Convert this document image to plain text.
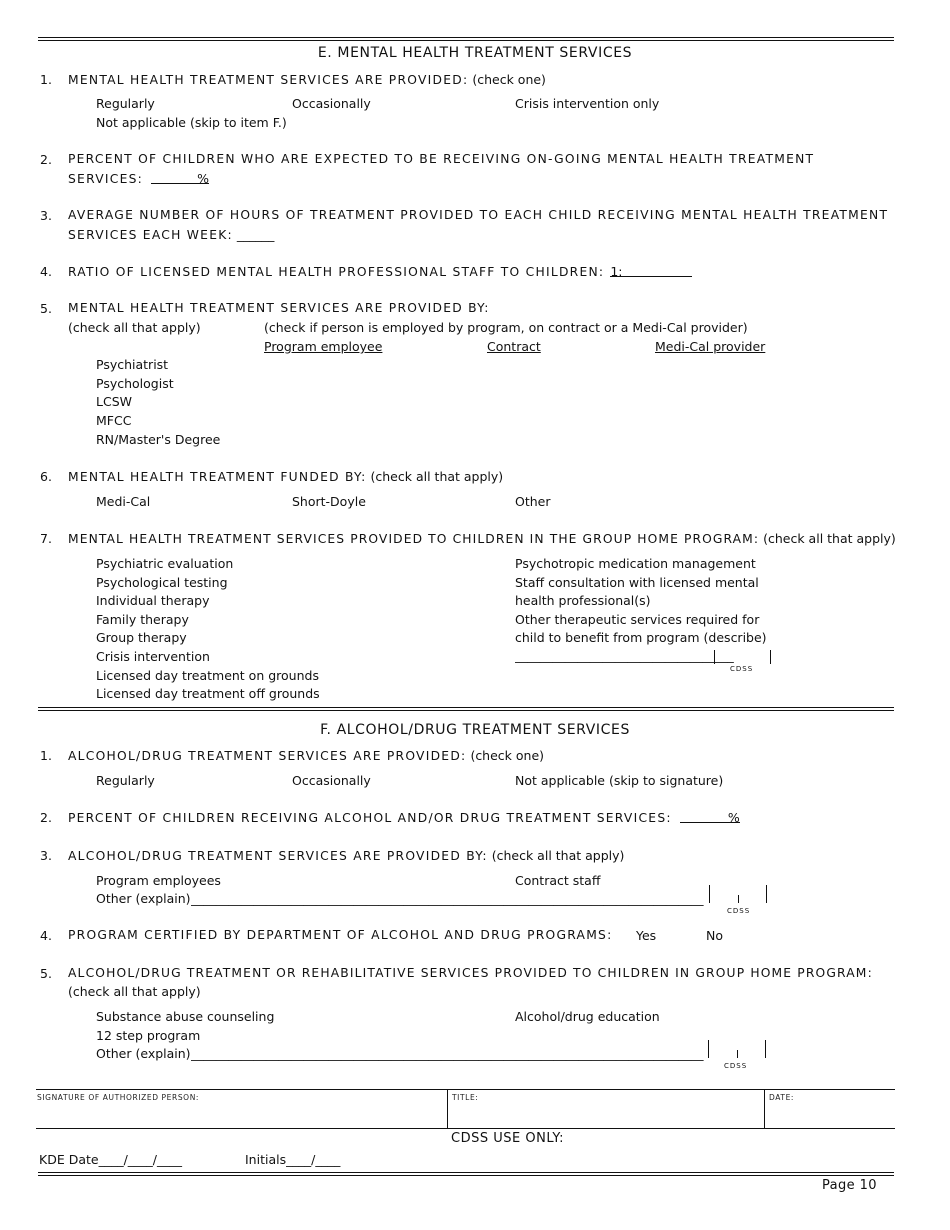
E. MENTAL HEALTH TREATMENT SERVICES
1. MENTAL HEALTH TREATMENT SERVICES ARE PROVIDED: (check one)
Regularly	Occasionally	Crisis intervention only
Not applicable (skip to item F.)
2. PERCENT OF CHILDREN WHO ARE EXPECTED TO BE RECEIVING ON-GOING MENTAL HEALTH TREATMENT
SERVICES:	%
3. AVERAGE NUMBER OF HOURS OF TREATMENT PROVIDED TO EACH CHILD RECEIVING MENTAL HEALTH TREATMENT
SERVICES EACH WEEK: ______
4. RATIO OF LICENSED MENTAL HEALTH PROFESSIONAL STAFF TO CHILDREN: 1:
5. MENTAL HEALTH TREATMENT SERVICES ARE PROVIDED BY:
(check all that apply)	(check if person is employed by program, on contract or a Medi-Cal provider)
Program employee	Contract	Medi-Cal provider
Psychiatrist
Psychologist
LCSW
MFCC
RN/Master's Degree
6. MENTAL HEALTH TREATMENT FUNDED BY: (check all that apply)
Medi-Cal	Short-Doyle	Other
7. MENTAL HEALTH TREATMENT SERVICES PROVIDED TO CHILDREN IN THE GROUP HOME PROGRAM: (check all that apply)
Psychiatric evaluation
Psychological testing
Individual therapy
Family therapy
Group therapy
Crisis intervention
Licensed day treatment on grounds
Licensed day treatment off grounds
Psychotropic medication management
Staff consultation with licensed mental
health professional(s)
Other therapeutic services required for
child to benefit from program (describe)
___________________________________
CDSS
F. ALCOHOL/DRUG TREATMENT SERVICES
1. ALCOHOL/DRUG TREATMENT SERVICES ARE PROVIDED: (check one)
Regularly	Occasionally	Not applicable (skip to signature)
2. PERCENT OF CHILDREN RECEIVING ALCOHOL AND/OR DRUG TREATMENT SERVICES:	%
3. ALCOHOL/DRUG TREATMENT SERVICES ARE PROVIDED BY: (check all that apply)
Program employees	Contract staff
Other (explain) __________________________________________________________________________________
CDSS
4. PROGRAM CERTIFIED BY DEPARTMENT OF ALCOHOL AND DRUG PROGRAMS: Yes	No
5. ALCOHOL/DRUG TREATMENT OR REHABILITATIVE SERVICES PROVIDED TO CHILDREN IN GROUP HOME PROGRAM:
(check all that apply)
Substance abuse counseling	Alcohol/drug education
12 step program
Other (explain) __________________________________________________________________________________
CDSS
SIGNATURE OF AUTHORIZED PERSON:	TITLE:	DATE:
CDSS USE ONLY:
KDE Date____/____/____	Initials____/____
Page 10
